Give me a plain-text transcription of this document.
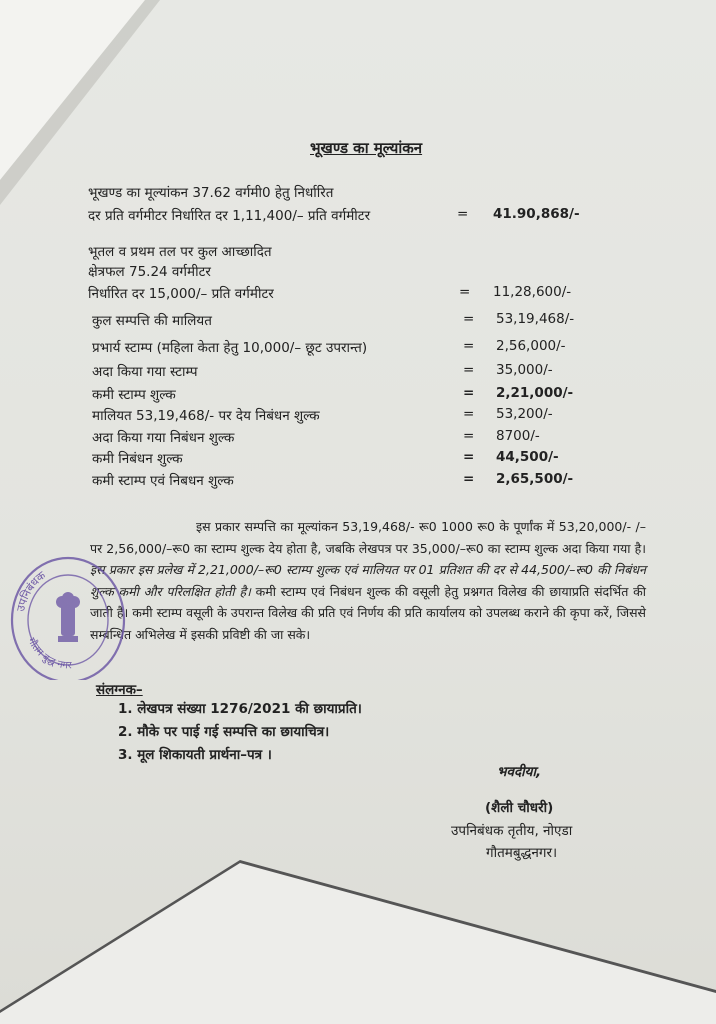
भूखण्ड का मूल्यांकन
भूखण्ड का मूल्यांकन 37.62 वर्गमी0 हेतु निर्धारित
दर प्रति वर्गमीटर निर्धारित दर 1,11,400/– प्रति वर्गमीटर	= 41.90,868/-
भूतल व प्रथम तल पर कुल आच्छादित
क्षेत्रफल 75.24 वर्गमीटर
निर्धारित दर 15,000/– प्रति वर्गमीटर	= 11,28,600/-
कुल सम्पत्ति की मालियत	= 53,19,468/-
प्रभार्य स्टाम्प (महिला केता हेतु 10,000/– छूट उपरान्त)	= 2,56,000/-
अदा किया गया स्टाम्प	= 35,000/-
कमी स्टाम्प शुल्क	= 2,21,000/-
मालियत 53,19,468/- पर देय निबंधन शुल्क	= 53,200/-
अदा किया गया निबंधन शुल्क	= 8700/-
कमी निबंधन शुल्क	= 44,500/-
कमी स्टाम्प एवं निबधन शुल्क	= 2,65,500/-
इस प्रकार सम्पत्ति का मूल्यांकन 53,19,468/- रू0 1000 रू0 के पूर्णांक में 53,20,000/- /–पर 2,56,000/–रू0 का स्टाम्प शुल्क देय होता है, जबकि लेखपत्र पर 35,000/–रू0 का स्टाम्प शुल्क अदा किया गया है। इस प्रकार इस प्रलेख में 2,21,000/–रू0 स्टाम्प शुल्क एवं मालियत पर 01 प्रतिशत की दर से 44,500/–रू0 की निबंधन शुल्क कमी और परिलक्षित होती है। कमी स्टाम्प एवं निबंधन शुल्क की वसूली हेतु प्रश्नगत विलेख की छायाप्रति संदर्भित की जाती है। कमी स्टाम्प वसूली के उपरान्त विलेख की प्रति एवं निर्णय की प्रति कार्यालय को उपलब्ध कराने की कृपा करें, जिससे सम्बन्धित अभिलेख में इसकी प्रविष्टी की जा सके।
उपनिबंधक
गौतम बुद्ध नगर
संलग्नक–
1. लेखपत्र संख्या 1276/2021 की छायाप्रति।
2. मौके पर पाई गई सम्पत्ति का छायाचित्र।
3. मूल शिकायती प्रार्थना–पत्र ।
भवदीया,
(शैली चौधरी)
उपनिबंधक तृतीय, नोएडा
गौतमबुद्धनगर।
